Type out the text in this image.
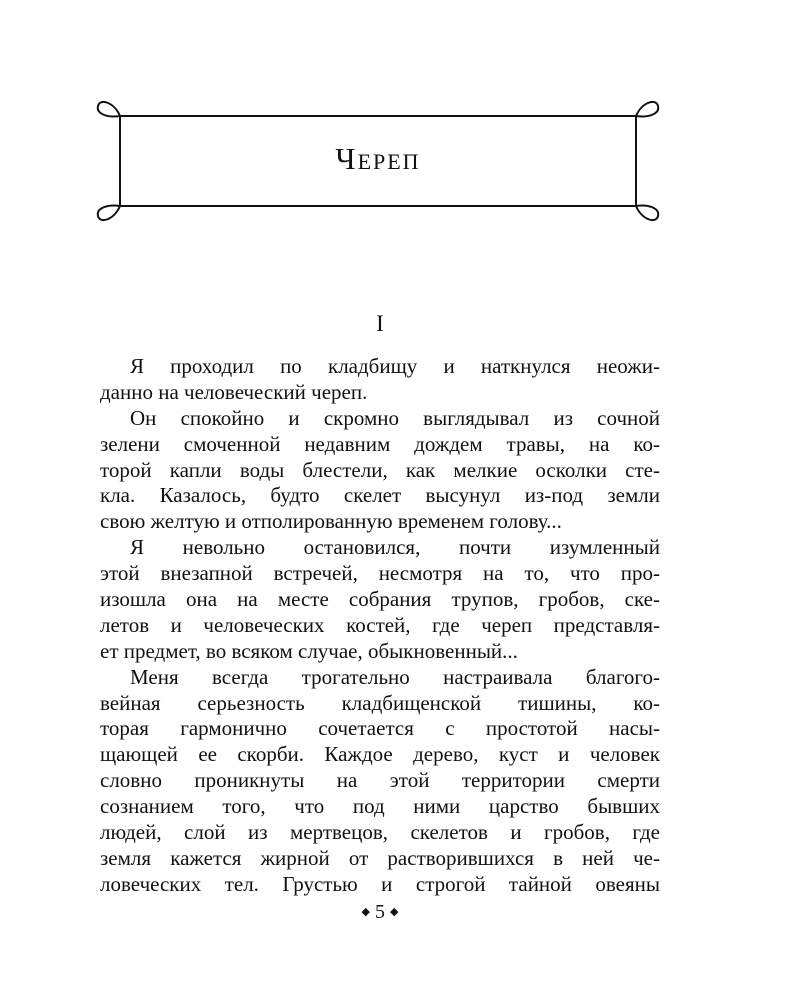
Череп
I
Я проходил по кладбищу и наткнулся неожи-
данно на человеческий череп.
Он спокойно и скромно выглядывал из сочной
зелени смоченной недавним дождем травы, на ко-
торой капли воды блестели, как мелкие осколки сте-
кла. Казалось, будто скелет высунул из-под земли
свою желтую и отполированную временем голову...
Я невольно остановился, почти изумленный
этой внезапной встречей, несмотря на то, что про-
изошла она на месте собрания трупов, гробов, ске-
летов и человеческих костей, где череп представля-
ет предмет, во всяком случае, обыкновенный...
Меня всегда трогательно настраивала благого-
вейная серьезность кладбищенской тишины, ко-
торая гармонично сочетается с простотой насы-
щающей ее скорби. Каждое дерево, куст и человек
словно проникнуты на этой территории смерти
сознанием того, что под ними царство бывших
людей, слой из мертвецов, скелетов и гробов, где
земля кажется жирной от растворившихся в ней че-
ловеческих тел. Грустью и строгой тайной овеяны
◆ 5 ◆
